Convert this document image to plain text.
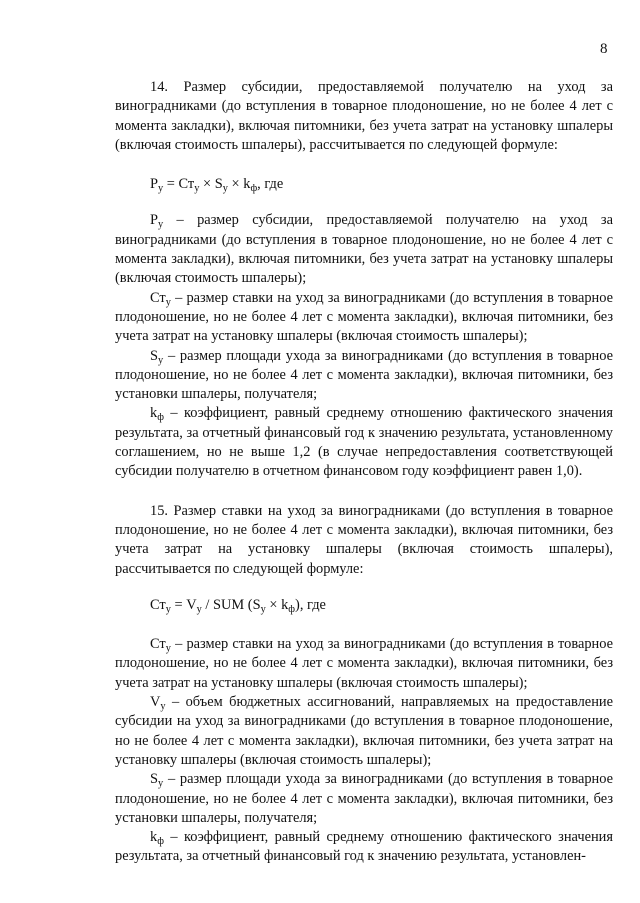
8

14. Размер субсидии, предоставляемой получателю на уход за виноградниками (до вступления в товарное плодоношение, но не более 4 лет с момента закладки), включая питомники, без учета затрат на установку шпалеры (включая стоимость шпалеры), рассчитывается по следующей формуле:

$P_у = Ст_у \times S_у \times k_ф$, где

$P_у$ – размер субсидии, предоставляемой получателю на уход за виноградниками (до вступления в товарное плодоношение, но не более 4 лет с момента закладки), включая питомники, без учета затрат на установку шпалеры (включая стоимость шпалеры);

$Ст_у$ – размер ставки на уход за виноградниками (до вступления в товарное плодоношение, но не более 4 лет с момента закладки), включая питомники, без учета затрат на установку шпалеры (включая стоимость шпалеры);

$S_у$ – размер площади ухода за виноградниками (до вступления в товарное плодоношение, но не более 4 лет с момента закладки), включая питомники, без установки шпалеры, получателя;

$k_ф$ – коэффициент, равный среднему отношению фактического значения результата, за отчетный финансовый год к значению результата, установленному соглашением, но не выше 1,2 (в случае непредоставления соответствующей субсидии получателю в отчетном финансовом году коэффициент равен 1,0).

15. Размер ставки на уход за виноградниками (до вступления в товарное плодоношение, но не более 4 лет с момента закладки), включая питомники, без учета затрат на установку шпалеры (включая стоимость шпалеры), рассчитывается по следующей формуле:

$Ст_у = V_у$ / SUM $(S_у \times k_ф)$, где

$Ст_у$ – размер ставки на уход за виноградниками (до вступления в товарное плодоношение, но не более 4 лет с момента закладки), включая питомники, без учета затрат на установку шпалеры (включая стоимость шпалеры);

$V_у$ – объем бюджетных ассигнований, направляемых на предоставление субсидии на уход за виноградниками (до вступления в товарное плодоношение, но не более 4 лет с момента закладки), включая питомники, без учета затрат на установку шпалеры (включая стоимость шпалеры);

$S_у$ – размер площади ухода за виноградниками (до вступления в товарное плодоношение, но не более 4 лет с момента закладки), включая питомники, без установки шпалеры, получателя;

$k_ф$ – коэффициент, равный среднему отношению фактического значения результата, за отчетный финансовый год к значению результата, установлен-
